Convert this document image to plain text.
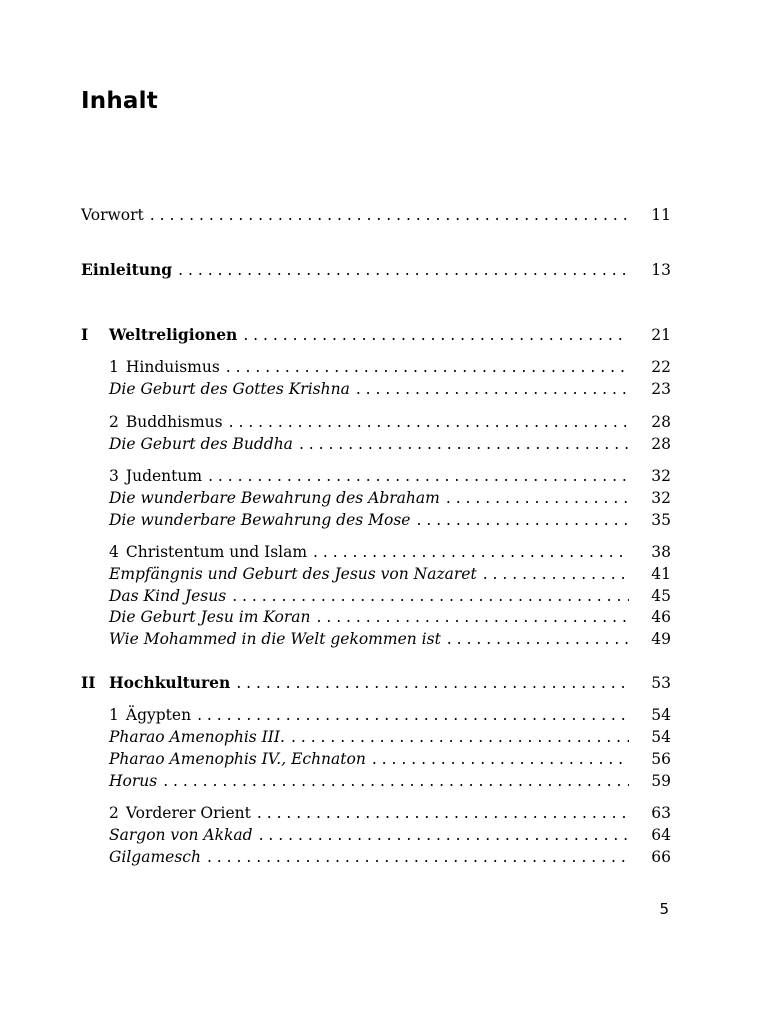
Inhalt
Vorwort . . .	11
Einleitung . . .	13
I Weltreligionen . . .	21
1 Hinduismus . . .	22
Die Geburt des Gottes Krishna . . .	23
2 Buddhismus . . .	28
Die Geburt des Buddha . . .	28
3 Judentum . . .	32
Die wunderbare Bewahrung des Abraham . . .	32
Die wunderbare Bewahrung des Mose . . .	35
4 Christentum und Islam . . .	38
Empfängnis und Geburt des Jesus von Nazaret . . .	41
Das Kind Jesus . . .	45
Die Geburt Jesu im Koran . . .	46
Wie Mohammed in die Welt gekommen ist . . .	49
II Hochkulturen . . .	53
1 Ägypten . . .	54
Pharao Amenophis III. . . .	54
Pharao Amenophis IV., Echnaton . . .	56
Horus . . .	59
2 Vorderer Orient . . .	63
Sargon von Akkad . . .	64
Gilgamesch . . .	66
5
